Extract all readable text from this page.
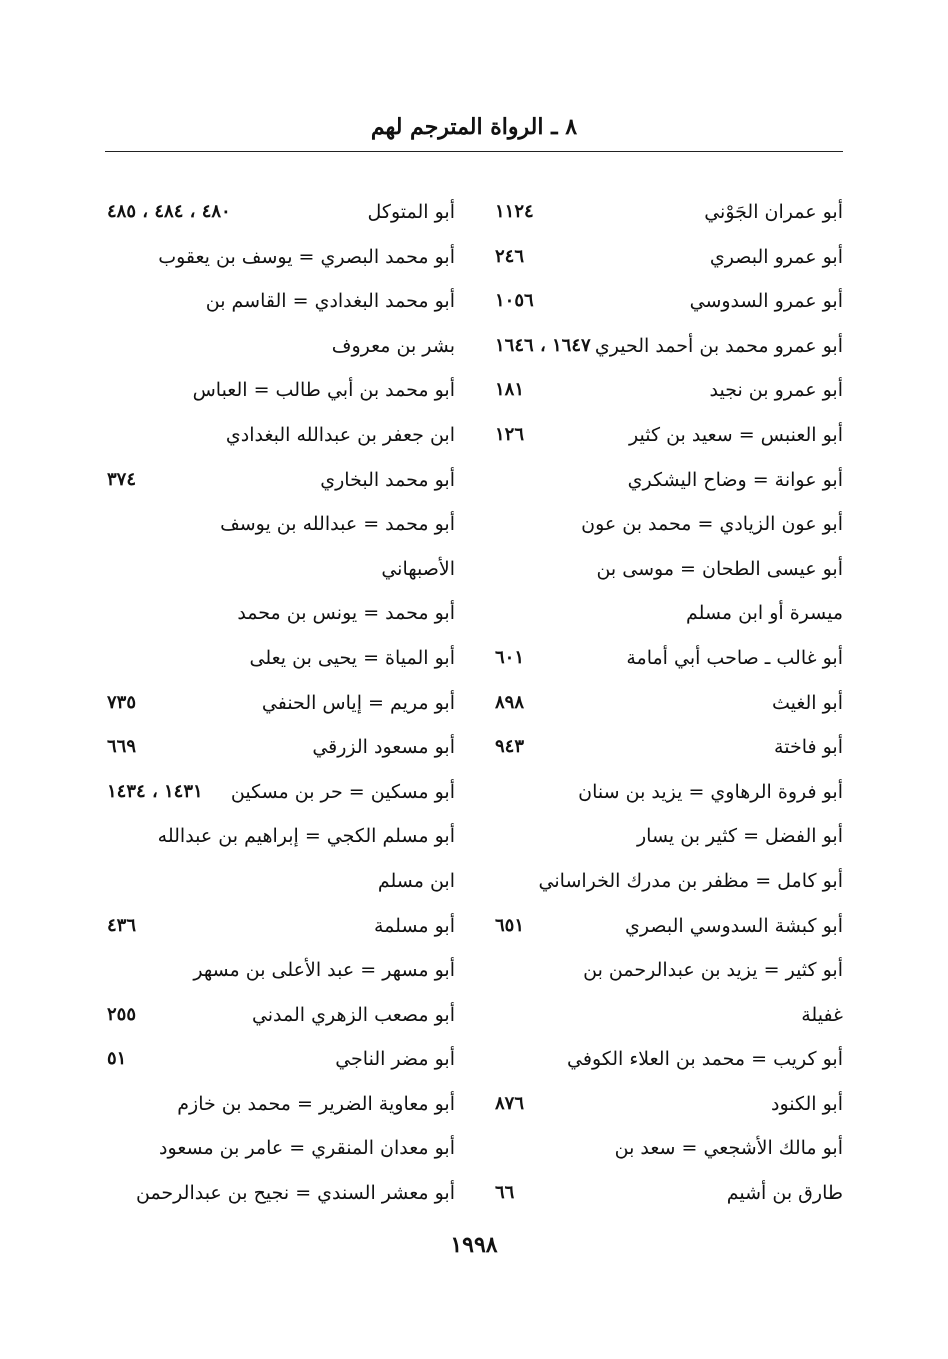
٨ ـ الرواة المترجم لهم
أبو عمران الجَوْني
١١٢٤
أبو عمرو البصري
٢٤٦
أبو عمرو السدوسي
١٠٥٦
أبو عمرو محمد بن أحمد الحيري
١٦٤٧ ، ١٦٤٦
أبو عمرو بن نجيد
١٨١
أبو العنبس = سعيد بن كثير
١٢٦
أبو عوانة = وضاح اليشكري
أبو عون الزيادي = محمد بن عون
أبو عيسى الطحان = موسى بن
ميسرة أو ابن مسلم
أبو غالب ـ صاحب أبي أمامة
٦٠١
أبو الغيث
٨٩٨
أبو فاختة
٩٤٣
أبو فروة الرهاوي = يزيد بن سنان
أبو الفضل = كثير بن يسار
أبو كامل = مظفر بن مدرك الخراساني
أبو كبشة السدوسي البصري
٦٥١
أبو كثير = يزيد بن عبدالرحمن بن
غفيلة
أبو كريب = محمد بن العلاء الكوفي
أبو الكنود
٨٧٦
أبو مالك الأشجعي = سعد بن
طارق بن أشيم
٦٦
أبو المتوكل
٤٨٠ ، ٤٨٤ ، ٤٨٥
أبو محمد البصري = يوسف بن يعقوب
أبو محمد البغدادي = القاسم بن
بشر بن معروف
أبو محمد بن أبي طالب = العباس
ابن جعفر بن عبدالله البغدادي
أبو محمد البخاري
٣٧٤
أبو محمد = عبدالله بن يوسف
الأصبهاني
أبو محمد = يونس بن محمد
أبو المياة = يحيى بن يعلى
أبو مريم = إياس الحنفي
٧٣٥
أبو مسعود الزرقي
٦٦٩
أبو مسكين = حر بن مسكين
١٤٣١ ، ١٤٣٤
أبو مسلم الكجي = إبراهيم بن عبدالله
ابن مسلم
أبو مسلمة
٤٣٦
أبو مسهر = عبد الأعلى بن مسهر
أبو مصعب الزهري المدني
٢٥٥
أبو مضر الناجي
٥١
أبو معاوية الضرير = محمد بن خازم
أبو معدان المنقري = عامر بن مسعود
أبو معشر السندي = نجيح بن عبدالرحمن
١٩٩٨
